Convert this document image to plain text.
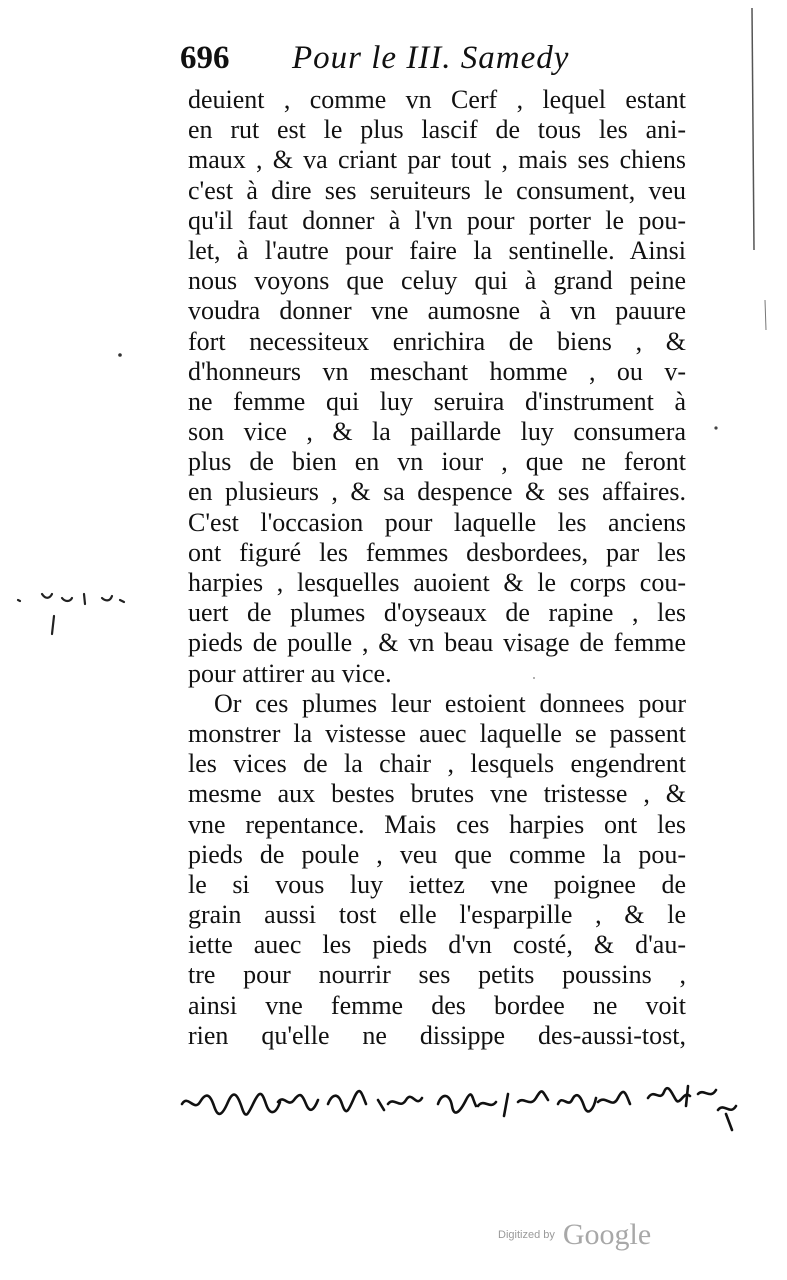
696 Pour le III. Samedy
deuient , comme vn Cerf , lequel estant
en rut est le plus lascif de tous les ani-
maux , & va criant par tout , mais ses chiens
c'est à dire ses seruiteurs le consument, veu
qu'il faut donner à l'vn pour porter le pou-
let, à l'autre pour faire la sentinelle. Ainsi
nous voyons que celuy qui à grand peine
voudra donner vne aumosne à vn pauure
fort necessiteux enrichira de biens , &
d'honneurs vn meschant homme , ou v-
ne femme qui luy seruira d'instrument à
son vice , & la paillarde luy consumera
plus de bien en vn iour , que ne feront
en plusieurs , & sa despence & ses affaires.
C'est l'occasion pour laquelle les anciens
ont figuré les femmes desbordees, par les
harpies , lesquelles auoient & le corps cou-
uert de plumes d'oyseaux de rapine , les
pieds de poulle , & vn beau visage de femme
pour attirer au vice.
Or ces plumes leur estoient donnees pour
monstrer la vistesse auec laquelle se passent
les vices de la chair , lesquels engendrent
mesme aux bestes brutes vne tristesse , &
vne repentance. Mais ces harpies ont les
pieds de poule , veu que comme la pou-
le si vous luy iettez vne poignee de
grain aussi tost elle l'esparpille , & le
iette auec les pieds d'vn costé, & d'au-
tre pour nourrir ses petits poussins ,
ainsi vne femme des bordee ne voit
rien qu'elle ne dissippe des-aussi-tost,
Digitized by Google
